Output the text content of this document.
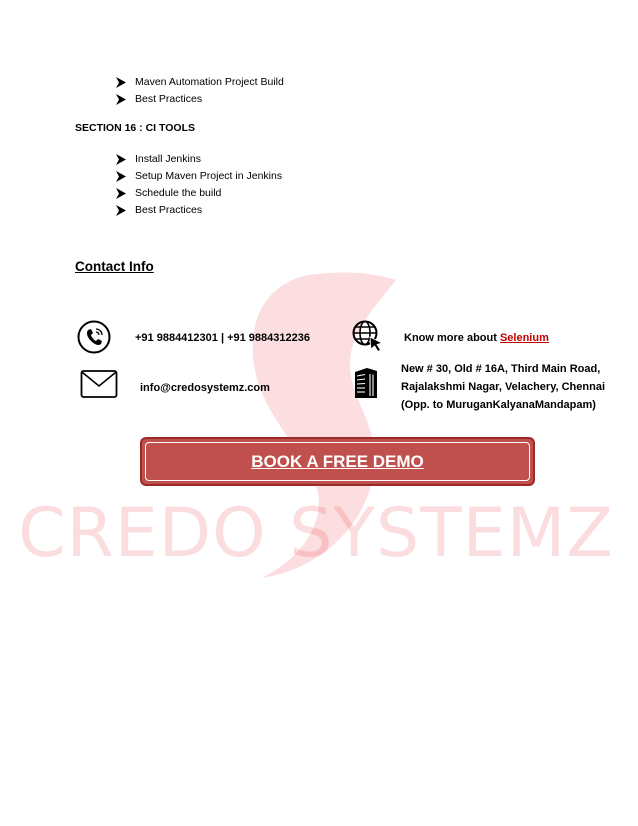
CREDO SYSTEMZ
Maven Automation Project Build
Best Practices
SECTION 16 : CI TOOLS
Install Jenkins
Setup Maven Project in Jenkins
Schedule the build
Best Practices
Contact Info
+91 9884412301 | +91 9884312236	Know more about Selenium
info@credosystemz.com
New # 30, Old # 16A, Third Main Road,
Rajalakshmi Nagar, Velachery, Chennai
(Opp. to MuruganKalyanaMandapam)
BOOK A FREE DEMO
